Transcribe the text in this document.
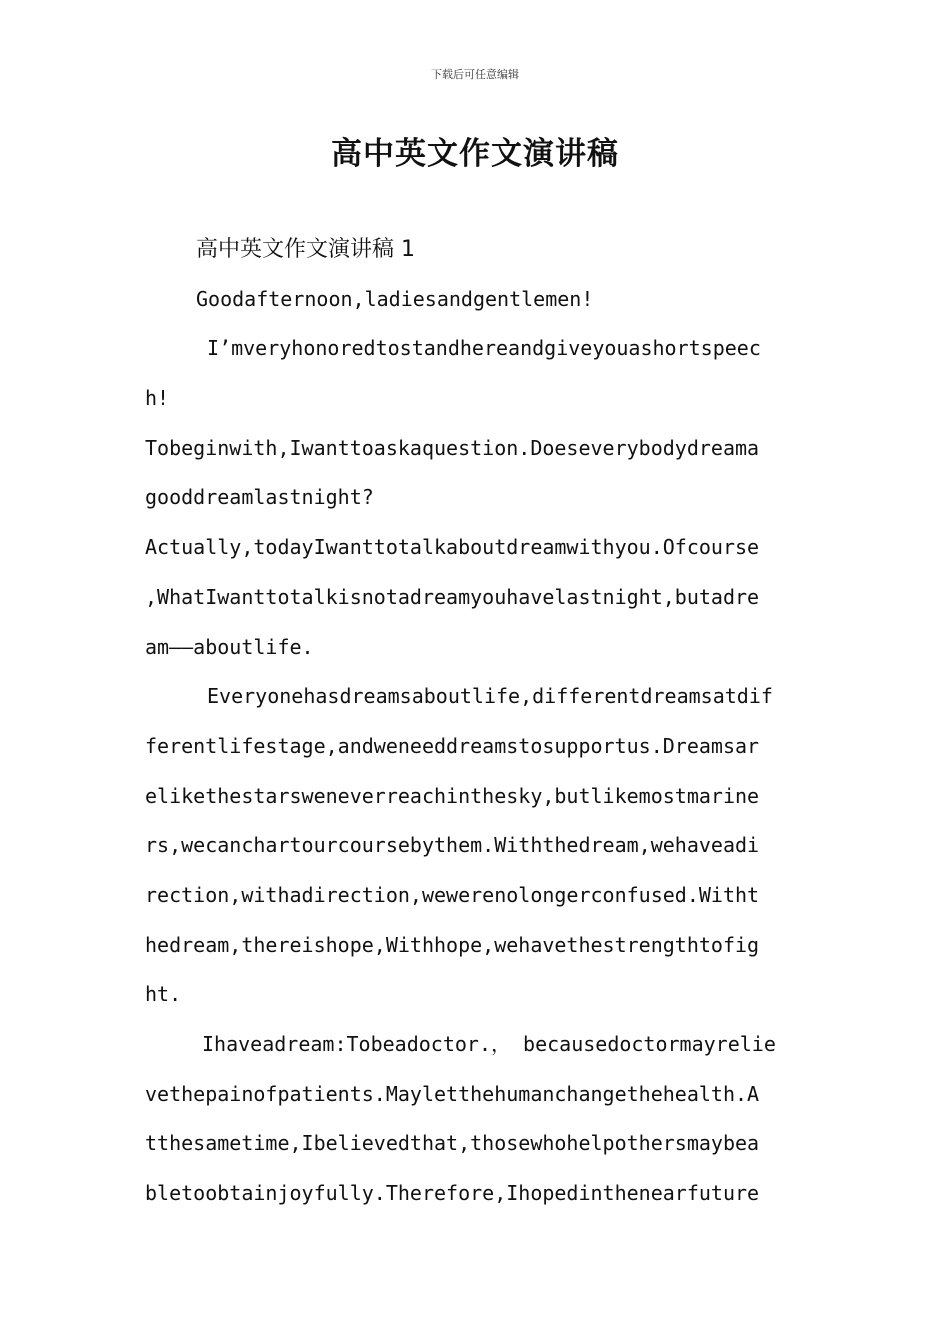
下载后可任意编辑
高中英文作文演讲稿
高中英文作文演讲稿 1
Goodafternoon,ladiesandgentlemen!
I’mveryhonoredtostandhereandgiveyouashortspeec
h!
Tobeginwith,Iwanttoaskaquestion.Doeseverybodydreama
gooddreamlastnight?
Actually,todayIwanttotalkaboutdreamwithyou.Ofcourse
,WhatIwanttotalkisnotadreamyouhavelastnight,butadre
am——aboutlife.
Everyonehasdreamsaboutlife,differentdreamsatdif
ferentlifestage,andweneeddreamstosupportus.Dreamsar
elikethestarsweneverreachinthesky,butlikemostmarine
rs,wecanchartourcoursebythem.Withthedream,wehaveadi
rection,withadirection,wewerenolongerconfused.Witht
hedream,thereishope,Withhope,wehavethestrengthtofig
ht.
Ihaveadream:Tobeadoctor.， becausedoctormayrelie
vethepainofpatients.Mayletthehumanchangethehealth.A
tthesametime,Ibelievedthat,thosewhohelpothersmaybea
bletoobtainjoyfully.Therefore,Ihopedinthenearfuture
